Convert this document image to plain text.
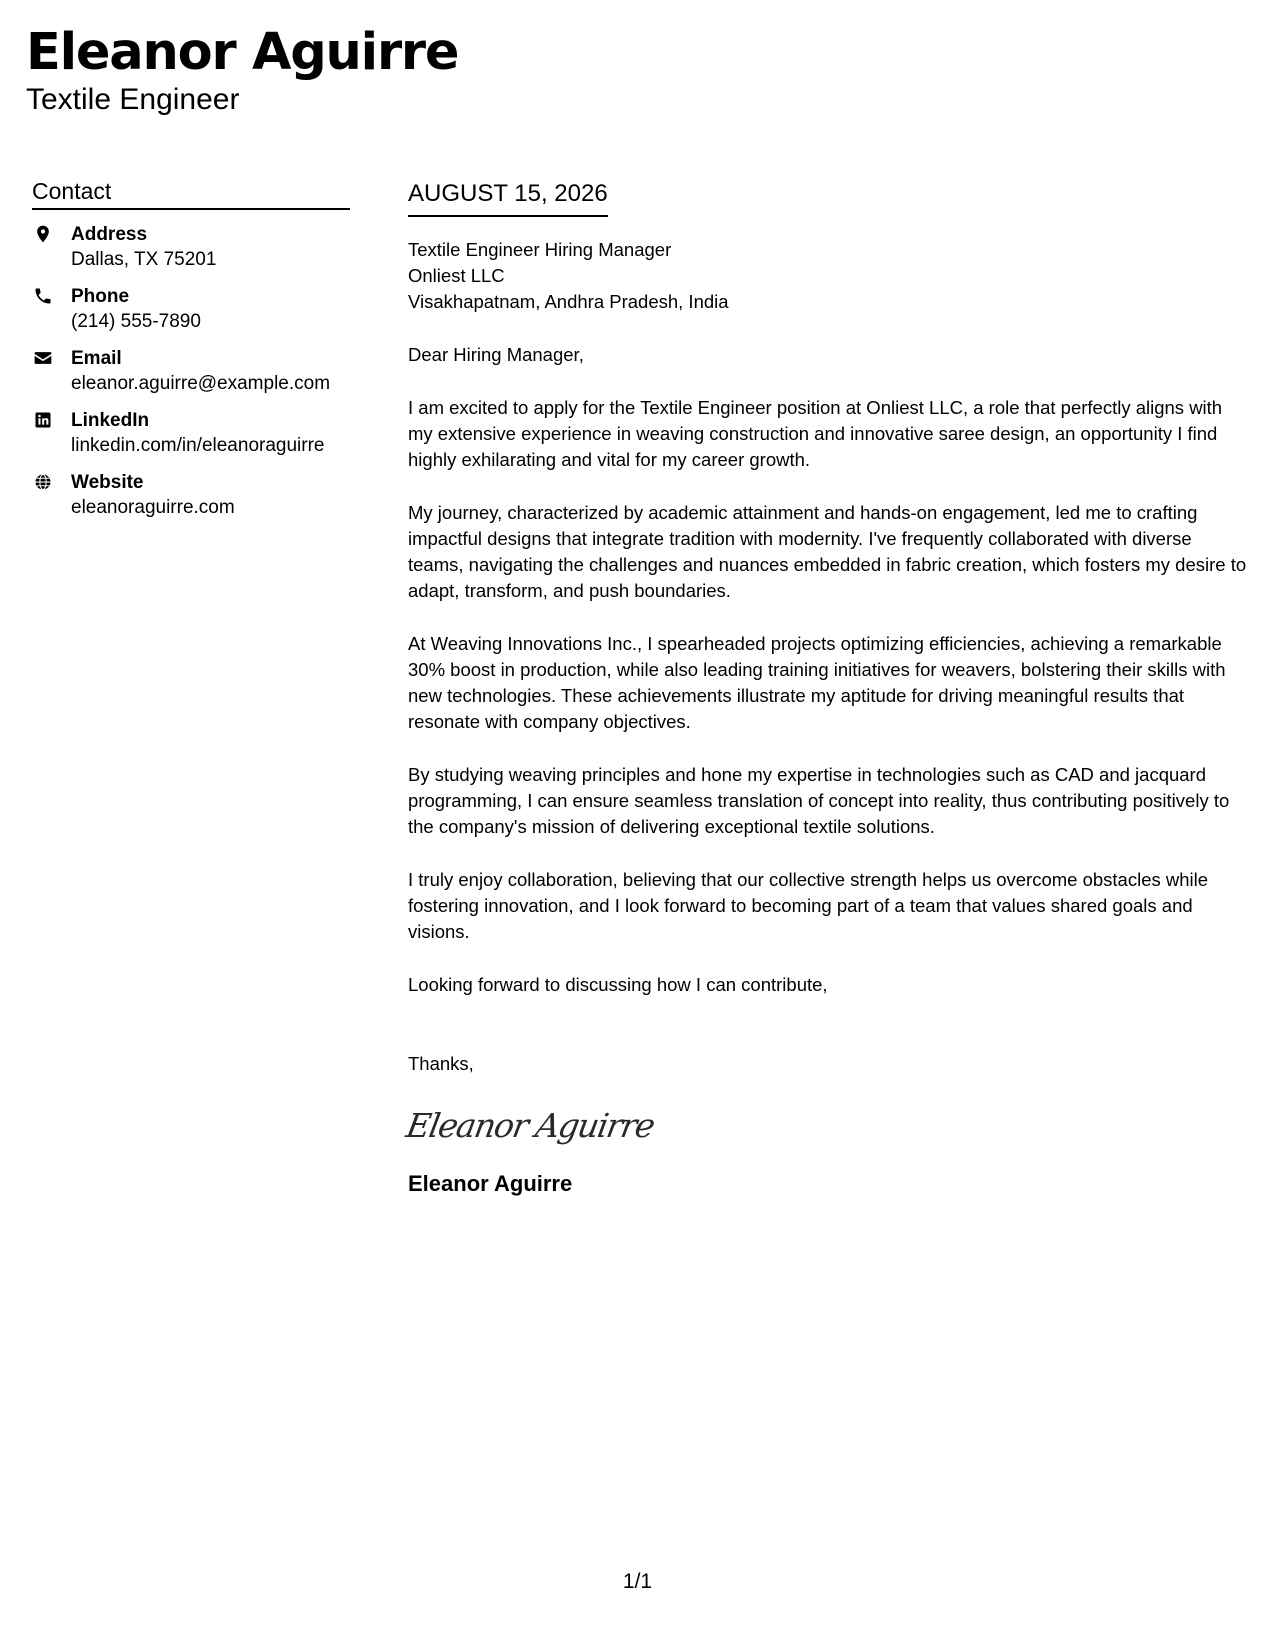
Eleanor Aguirre
Textile Engineer
Contact
Address
Dallas, TX 75201
Phone
(214) 555-7890
Email
eleanor.aguirre@example.com
LinkedIn
linkedin.com/in/eleanoraguirre
Website
eleanoraguirre.com
AUGUST 15, 2026
Textile Engineer Hiring Manager
Onliest LLC
Visakhapatnam, Andhra Pradesh, India

Dear Hiring Manager,

I am excited to apply for the Textile Engineer position at Onliest LLC, a role that perfectly aligns with my extensive experience in weaving construction and innovative saree design, an opportunity I find highly exhilarating and vital for my career growth.

My journey, characterized by academic attainment and hands-on engagement, led me to crafting impactful designs that integrate tradition with modernity. I've frequently collaborated with diverse teams, navigating the challenges and nuances embedded in fabric creation, which fosters my desire to adapt, transform, and push boundaries.

At Weaving Innovations Inc., I spearheaded projects optimizing efficiencies, achieving a remarkable 30% boost in production, while also leading training initiatives for weavers, bolstering their skills with new technologies. These achievements illustrate my aptitude for driving meaningful results that resonate with company objectives.

By studying weaving principles and hone my expertise in technologies such as CAD and jacquard programming, I can ensure seamless translation of concept into reality, thus contributing positively to the company's mission of delivering exceptional textile solutions.

I truly enjoy collaboration, believing that our collective strength helps us overcome obstacles while fostering innovation, and I look forward to becoming part of a team that values shared goals and visions.

Looking forward to discussing how I can contribute,

Thanks,

Eleanor Aguirre
Eleanor Aguirre
1/1
